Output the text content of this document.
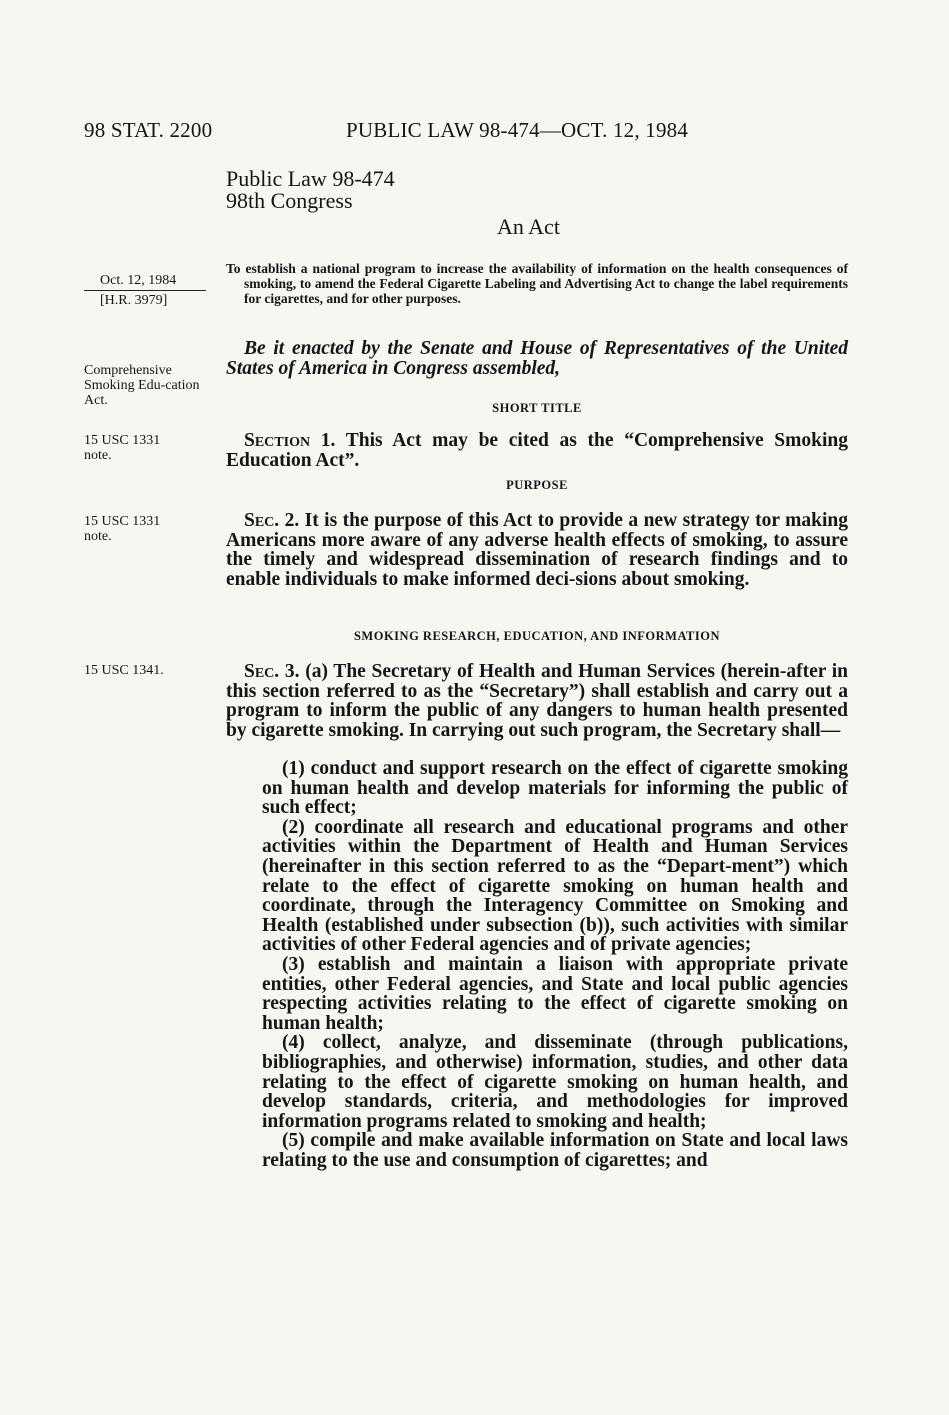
98 STAT. 2200	PUBLIC LAW 98-474—OCT. 12, 1984
Public Law 98-474
98th Congress
An Act
To establish a national program to increase the availability of information on the health consequences of smoking, to amend the Federal Cigarette Labeling and Advertising Act to change the label requirements for cigarettes, and for other purposes.
Oct. 12, 1984
[H.R. 3979]
Comprehensive Smoking Edu-cation Act.
15 USC 1331 note.
15 USC 1331 note.
15 USC 1341.
Be it enacted by the Senate and House of Representatives of the United States of America in Congress assembled,
SHORT TITLE
Section 1. This Act may be cited as the “Comprehensive Smoking Education Act”.
PURPOSE
Sec. 2. It is the purpose of this Act to provide a new strategy tor making Americans more aware of any adverse health effects of smoking, to assure the timely and widespread dissemination of research findings and to enable individuals to make informed deci-sions about smoking.
SMOKING RESEARCH, EDUCATION, AND INFORMATION
Sec. 3. (a) The Secretary of Health and Human Services (herein-after in this section referred to as the “Secretary”) shall establish and carry out a program to inform the public of any dangers to human health presented by cigarette smoking. In carrying out such program, the Secretary shall—
(1) conduct and support research on the effect of cigarette smoking on human health and develop materials for informing the public of such effect;
(2) coordinate all research and educational programs and other activities within the Department of Health and Human Services (hereinafter in this section referred to as the “Depart-ment”) which relate to the effect of cigarette smoking on human health and coordinate, through the Interagency Committee on Smoking and Health (established under subsection (b)), such activities with similar activities of other Federal agencies and of private agencies;
(3) establish and maintain a liaison with appropriate private entities, other Federal agencies, and State and local public agencies respecting activities relating to the effect of cigarette smoking on human health;
(4) collect, analyze, and disseminate (through publications, bibliographies, and otherwise) information, studies, and other data relating to the effect of cigarette smoking on human health, and develop standards, criteria, and methodologies for improved information programs related to smoking and health;
(5) compile and make available information on State and local laws relating to the use and consumption of cigarettes; and
